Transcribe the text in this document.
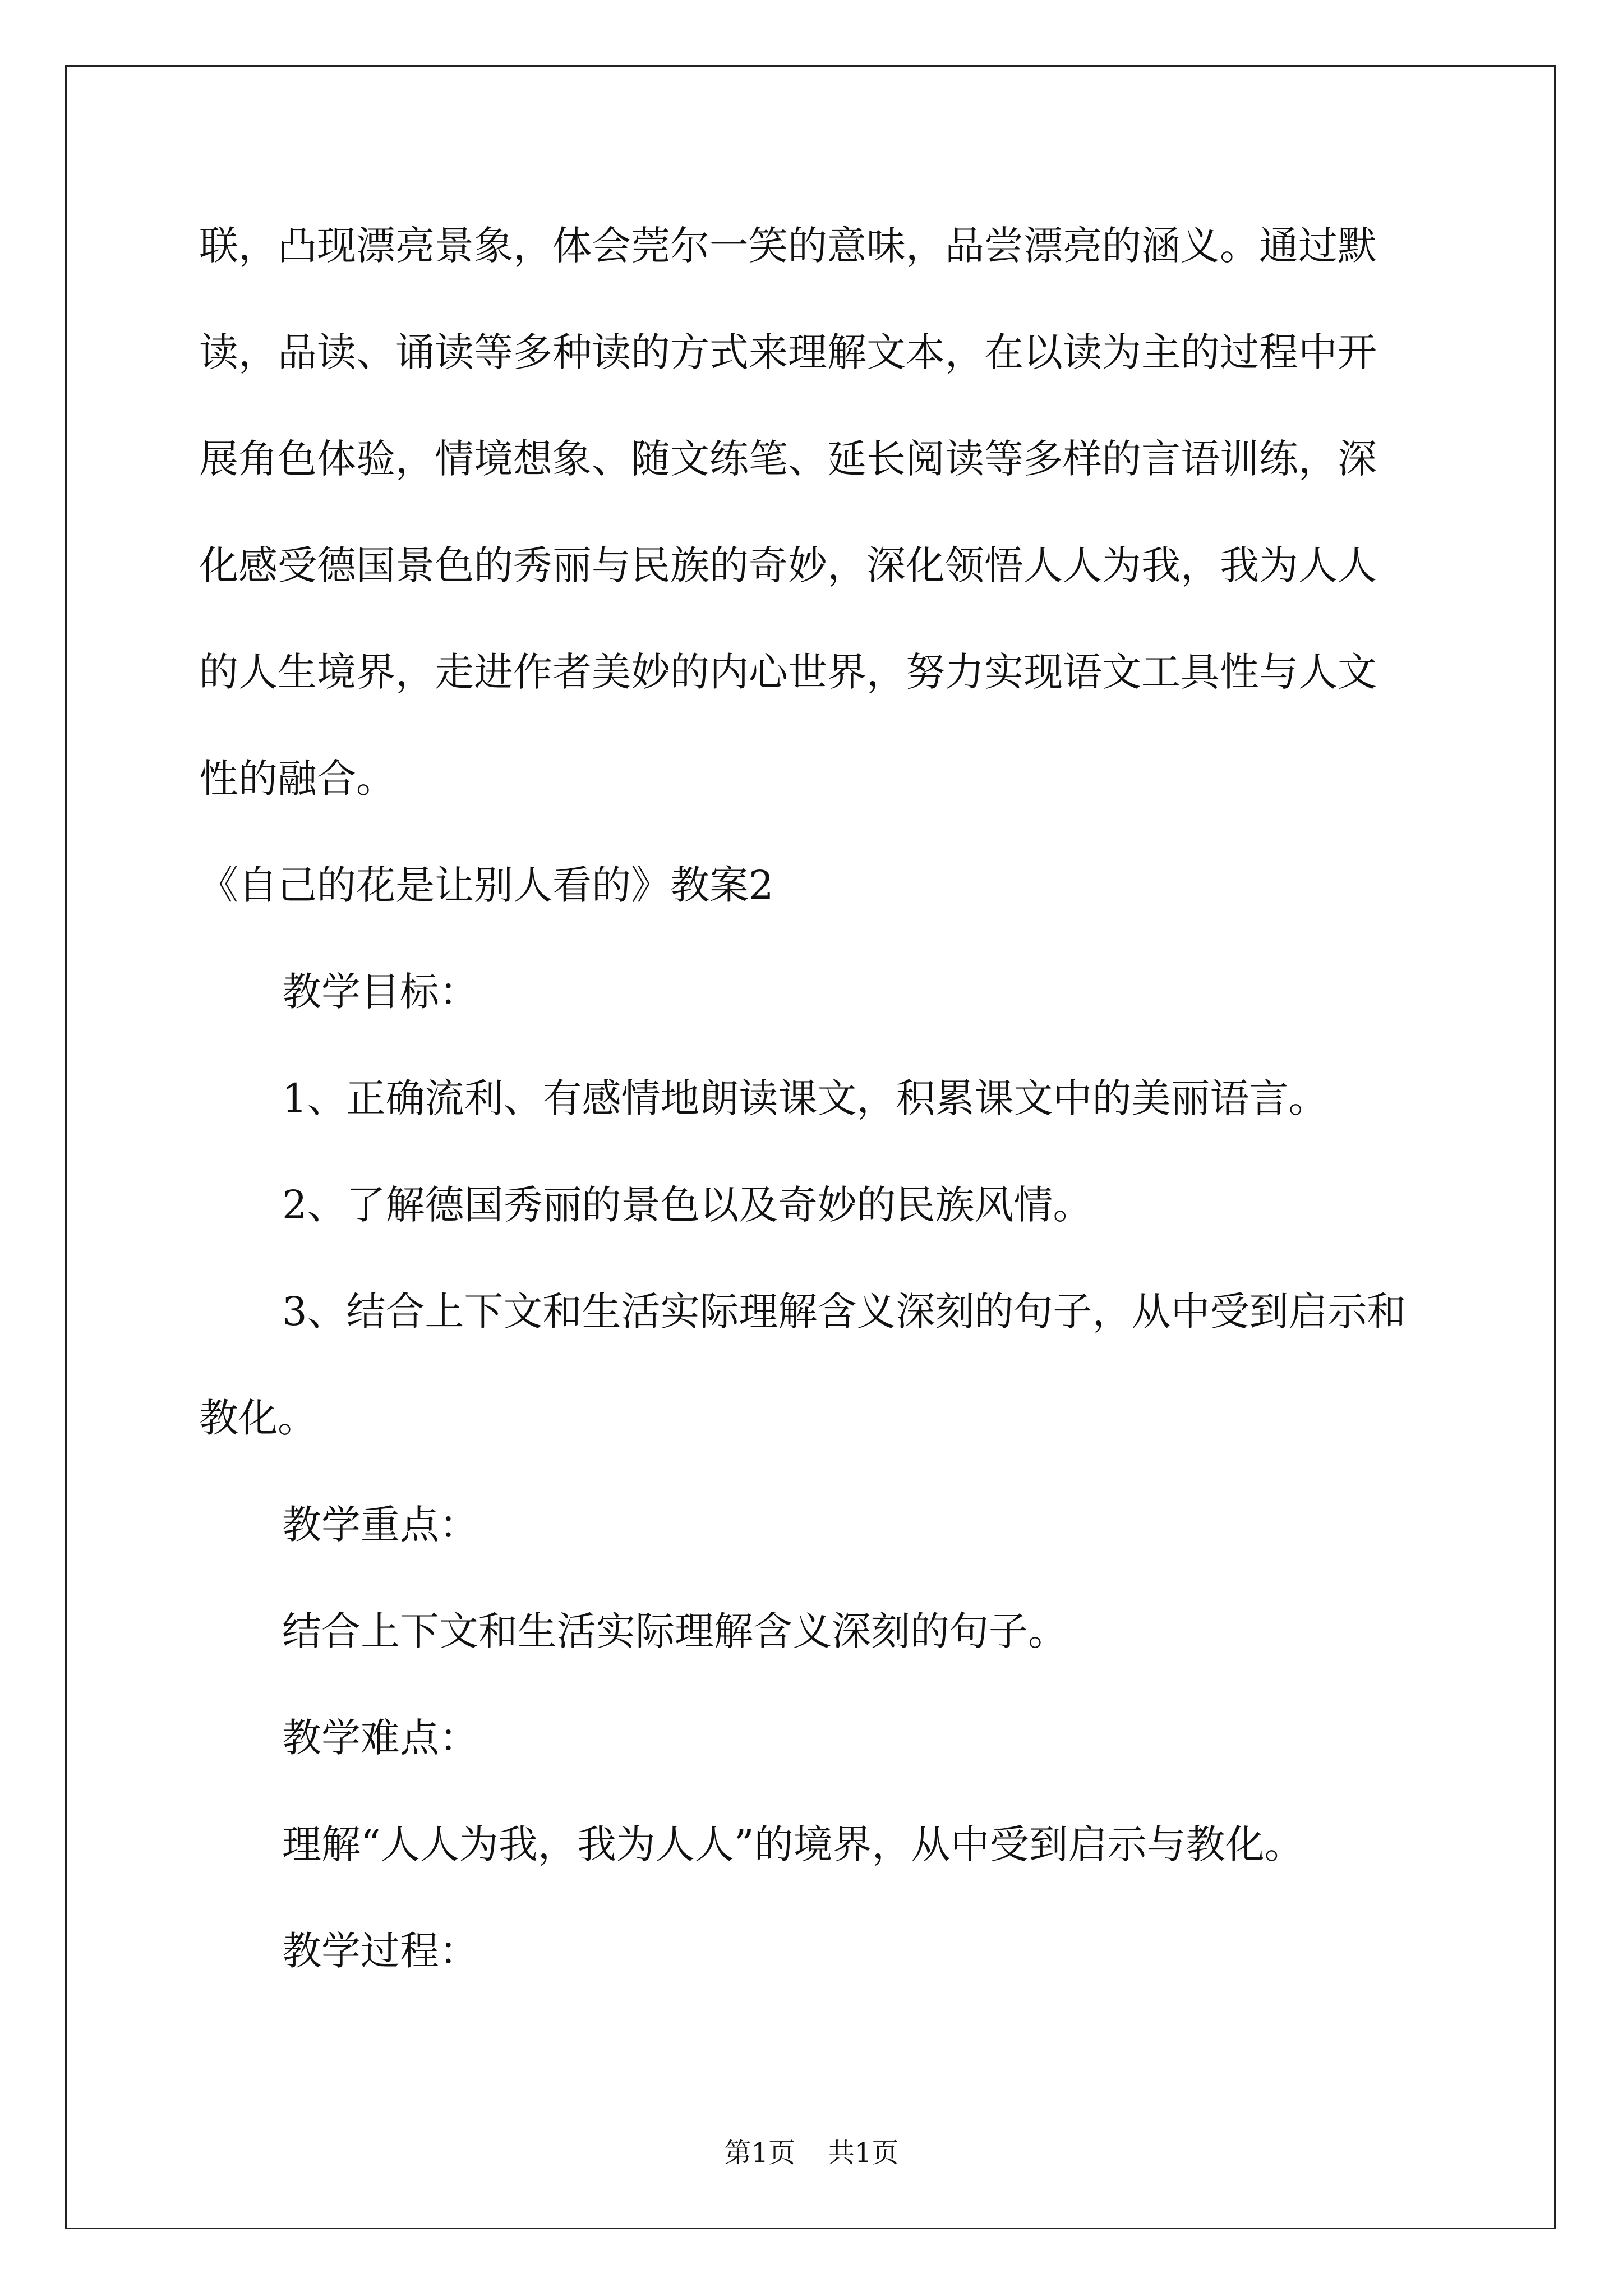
联，凸现漂亮景象，体会莞尔一笑的意味，品尝漂亮的涵义。通过默

读，品读、诵读等多种读的方式来理解文本，在以读为主的过程中开

展角色体验，情境想象、随文练笔、延长阅读等多样的言语训练，深

化感受德国景色的秀丽与民族的奇妙，深化领悟人人为我，我为人人

的人生境界，走进作者美妙的内心世界，努力实现语文工具性与人文

性的融合。

《自己的花是让别人看的》教案2

教学目标：

1、正确流利、有感情地朗读课文，积累课文中的美丽语言。

2、了解德国秀丽的景色以及奇妙的民族风情。

3、结合上下文和生活实际理解含义深刻的句子，从中受到启示和

教化。

教学重点：

结合上下文和生活实际理解含义深刻的句子。

教学难点：

理解“人人为我，我为人人”的境界，从中受到启示与教化。

教学过程：

第1页 共1页
